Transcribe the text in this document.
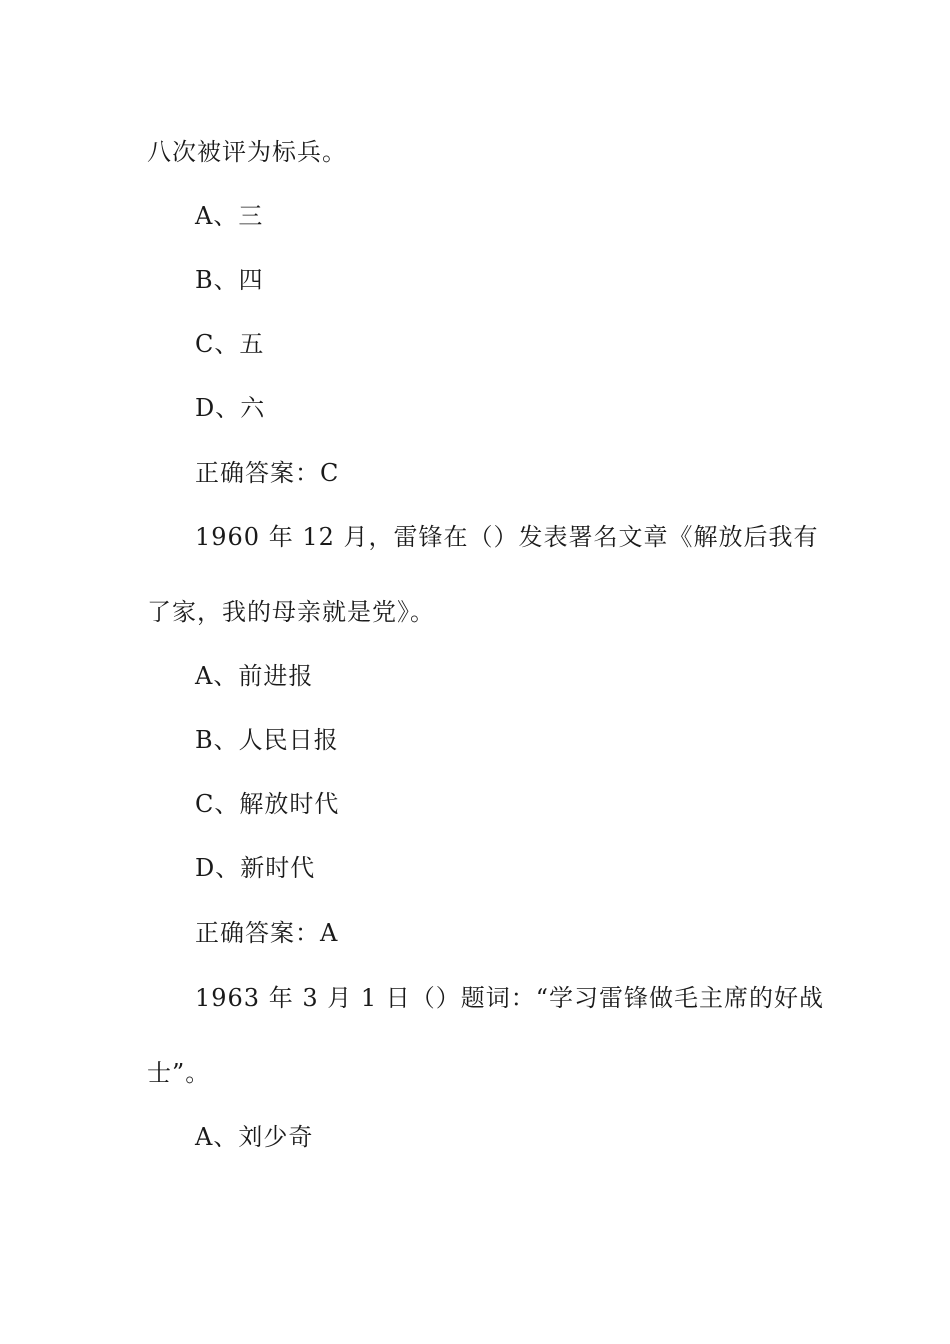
八次被评为标兵。
A、三
B、四
C、五
D、六
正确答案：C
1960 年 12 月，雷锋在（）发表署名文章《解放后我有
了家，我的母亲就是党》。
A、前进报
B、人民日报
C、解放时代
D、新时代
正确答案：A
1963 年 3 月 1 日（）题词：“学习雷锋做毛主席的好战
士”。
A、刘少奇
